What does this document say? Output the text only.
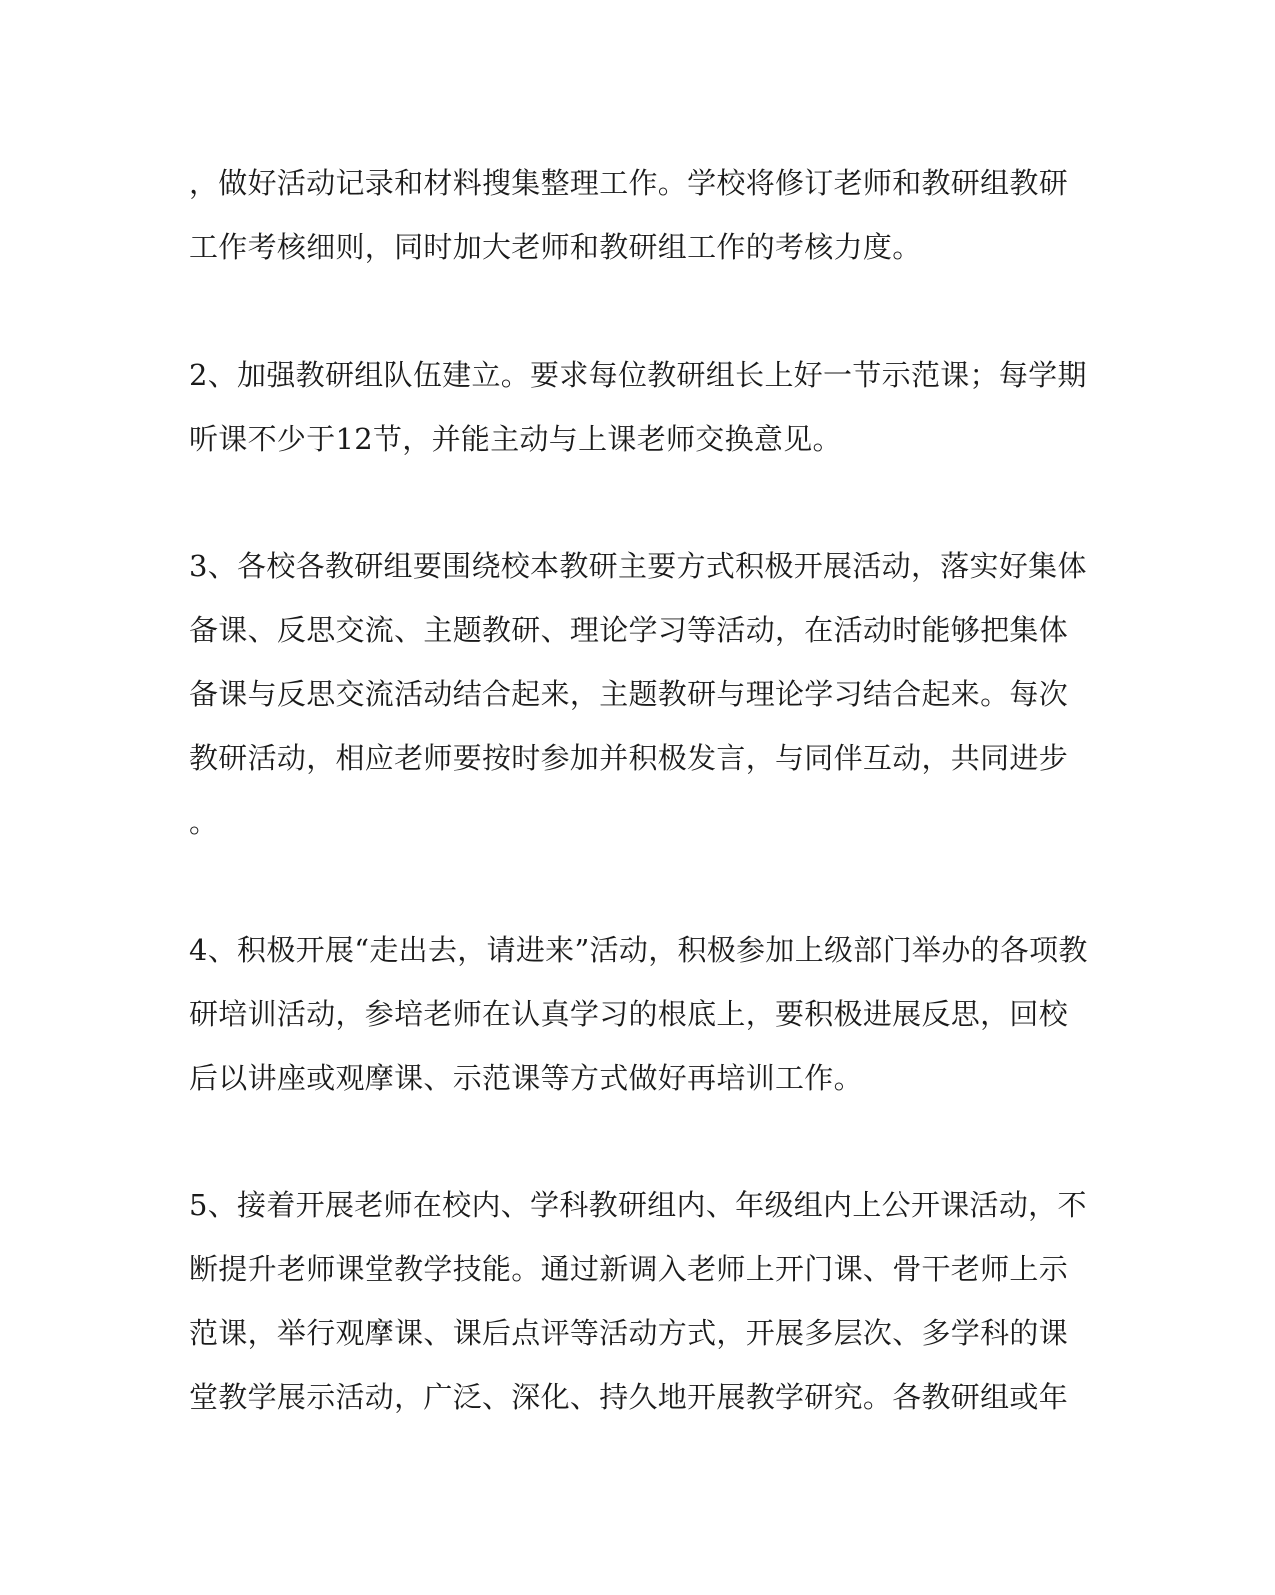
，做好活动记录和材料搜集整理工作。学校将修订老师和教研组教研

工作考核细则，同时加大老师和教研组工作的考核力度。

2、加强教研组队伍建立。要求每位教研组长上好一节示范课；每学期

听课不少于12节，并能主动与上课老师交换意见。

3、各校各教研组要围绕校本教研主要方式积极开展活动，落实好集体

备课、反思交流、主题教研、理论学习等活动，在活动时能够把集体

备课与反思交流活动结合起来，主题教研与理论学习结合起来。每次

教研活动，相应老师要按时参加并积极发言，与同伴互动，共同进步

。

4、积极开展“走出去，请进来”活动，积极参加上级部门举办的各项教

研培训活动，参培老师在认真学习的根底上，要积极进展反思，回校

后以讲座或观摩课、示范课等方式做好再培训工作。

5、接着开展老师在校内、学科教研组内、年级组内上公开课活动，不

断提升老师课堂教学技能。通过新调入老师上开门课、骨干老师上示

范课，举行观摩课、课后点评等活动方式，开展多层次、多学科的课

堂教学展示活动，广泛、深化、持久地开展教学研究。各教研组或年
